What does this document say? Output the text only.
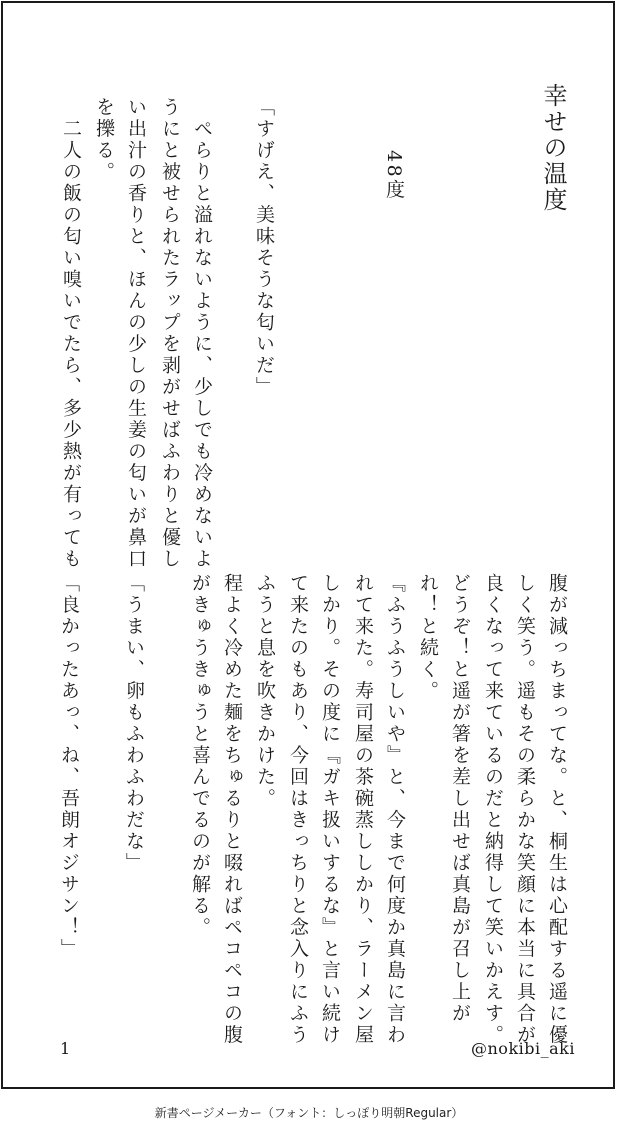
幸せの温度
　　48度
「すげえ、美味そうな匂いだ」
　ぺらりと溢れないように、少しでも冷めないよ
うにと被せられたラップを剥がせばふわりと優し
い出汁の香りと、ほんの少しの生姜の匂いが鼻口
を擽る。
　二人の飯の匂い嗅いでたら、多少熱が有っても
腹が減っちまってな。と、桐生は心配する遥に優
しく笑う。遥もその柔らかな笑顔に本当に具合が
良くなって来ているのだと納得して笑いかえす。
どうぞ！と遥が箸を差し出せば真島が召し上が
れ！と続く。
『ふうふうしいや』と、今まで何度か真島に言わ
れて来た。寿司屋の茶碗蒸ししかり、ラーメン屋
しかり。その度に『ガキ扱いするな』と言い続け
て来たのもあり、今回はきっちりと念入りにふう
ふうと息を吹きかけた。
程よく冷めた麺をちゅるりと啜ればペコペコの腹
がきゅうきゅうと喜んでるのが解る。
「うまい、卵もふわふわだな」
「良かったあっ、ね、吾朗オジサン！」
1	@nokibi_aki
新書ページメーカー（フォント：しっぽり明朝Regular）
